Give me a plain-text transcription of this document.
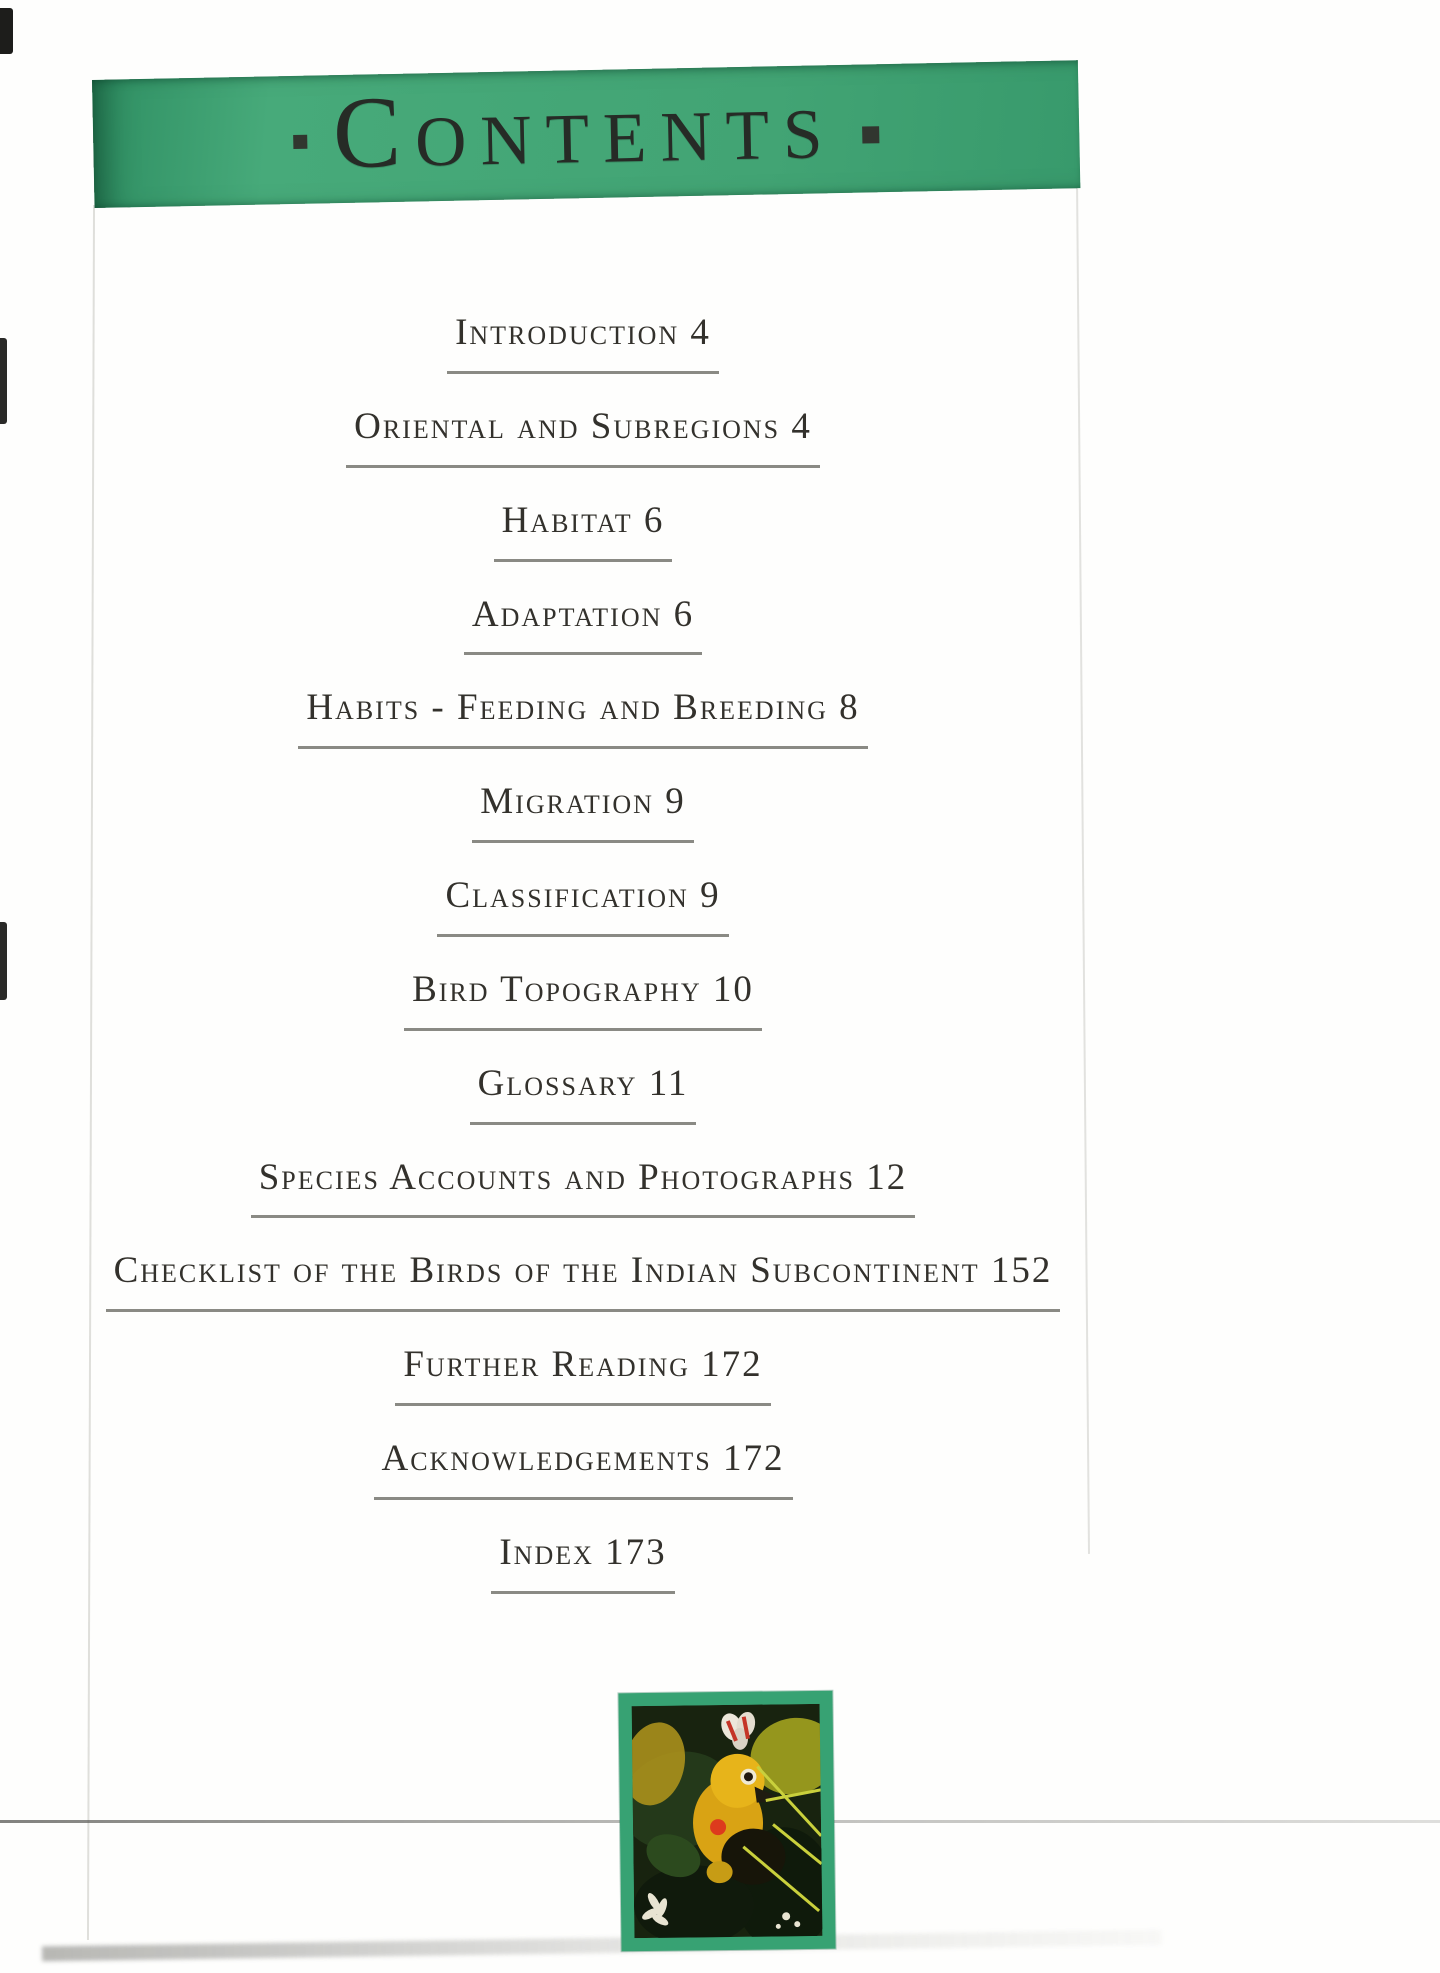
Contents
Introduction 4
Oriental and Subregions 4
Habitat 6
Adaptation 6
Habits - Feeding and Breeding 8
Migration 9
Classification 9
Bird Topography 10
Glossary 11
Species Accounts and Photographs 12
Checklist of the Birds of the Indian Subcontinent 152
Further Reading 172
Acknowledgements 172
Index 173
